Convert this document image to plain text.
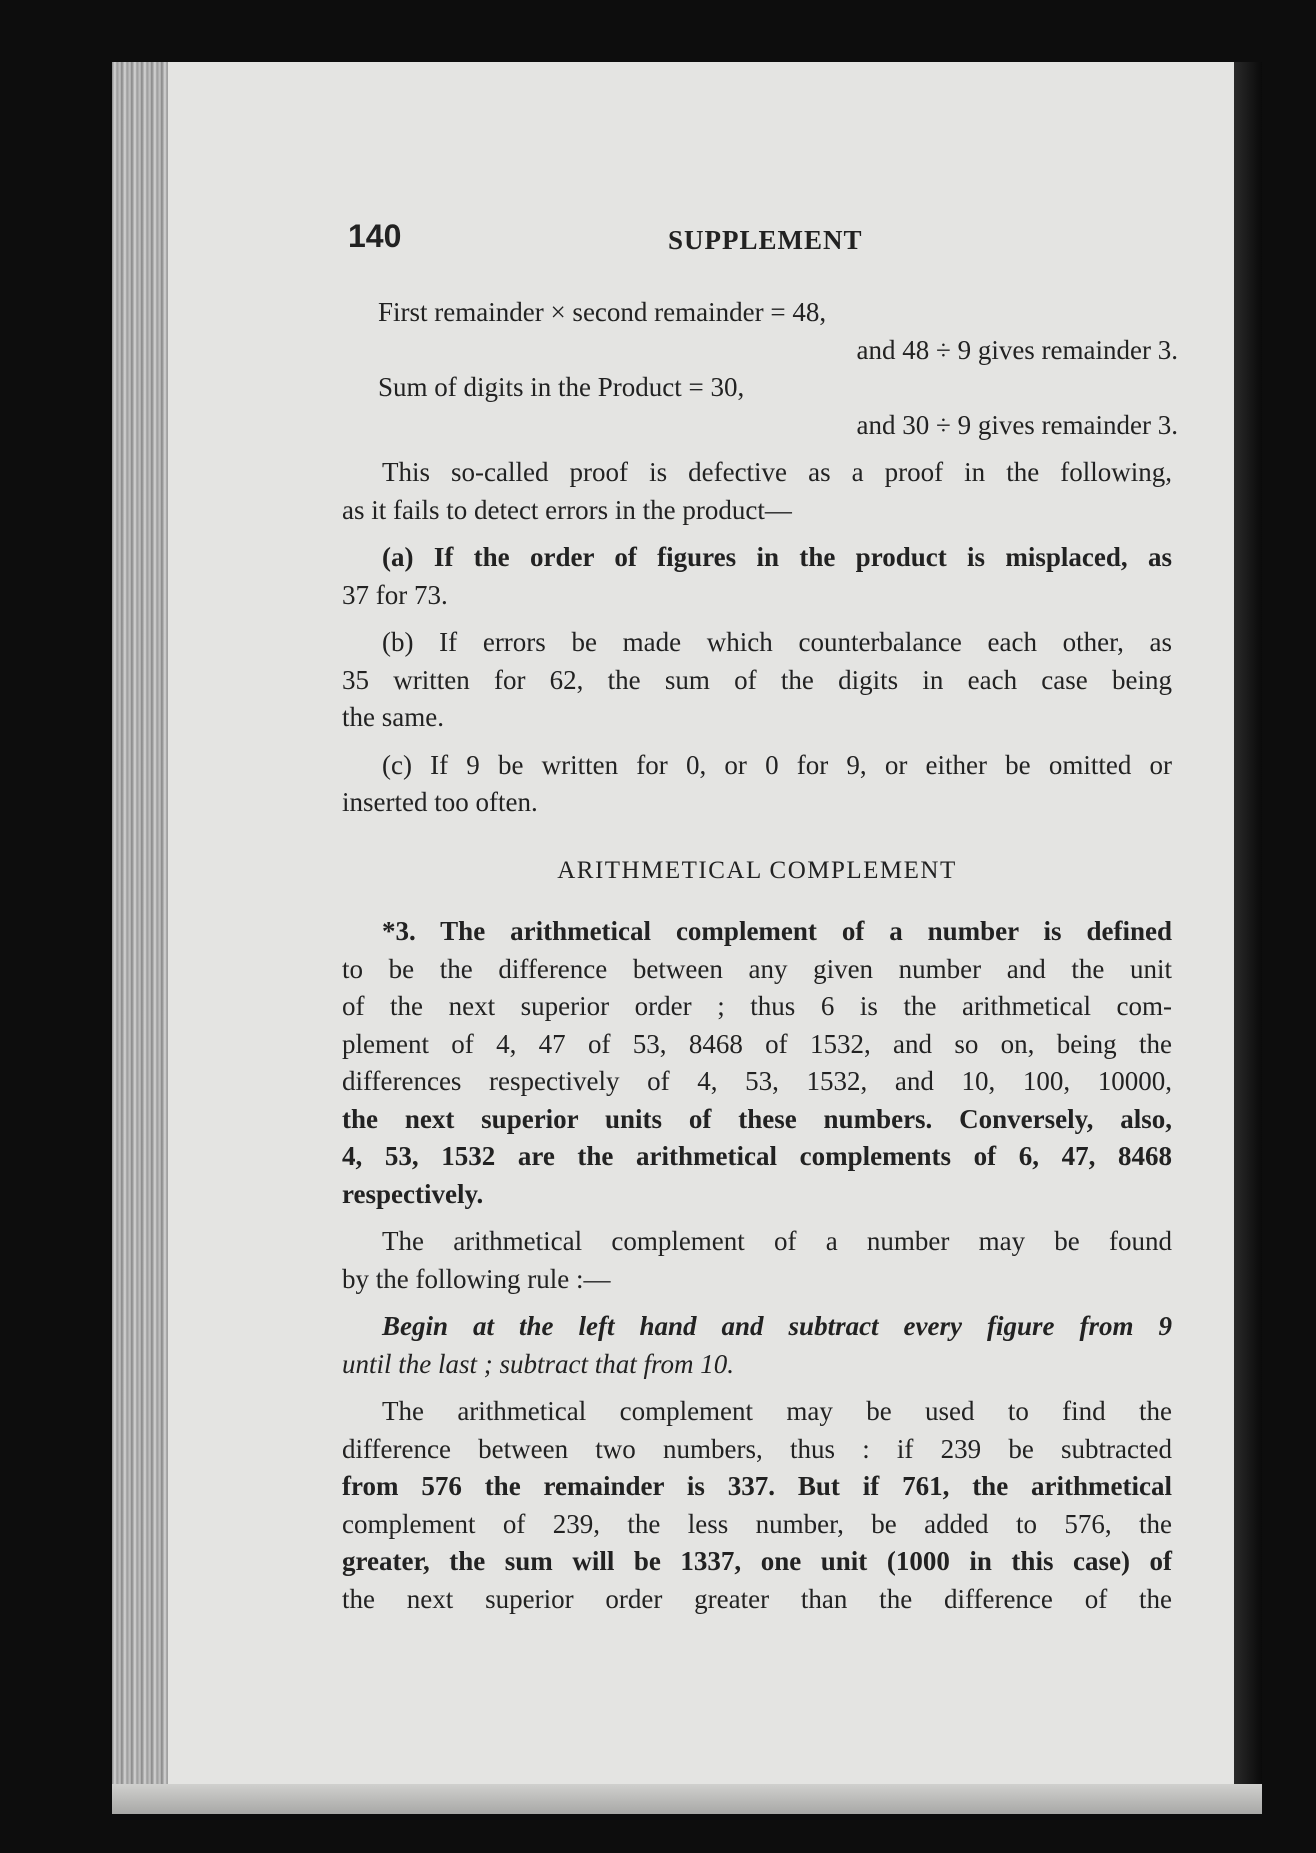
140	SUPPLEMENT
First remainder × second remainder = 48,
and 48 ÷ 9 gives remainder 3.
Sum of digits in the Product = 30,
and 30 ÷ 9 gives remainder 3.
This so-called proof is defective as a proof in the following,
as it fails to detect errors in the product—
(a) If the order of figures in the product is misplaced, as
37 for 73.
(b) If errors be made which counterbalance each other, as
35 written for 62, the sum of the digits in each case being
the same.
(c) If 9 be written for 0, or 0 for 9, or either be omitted or
inserted too often.
ARITHMETICAL COMPLEMENT
*3. The arithmetical complement of a number is defined
to be the difference between any given number and the unit
of the next superior order ; thus 6 is the arithmetical com-
plement of 4, 47 of 53, 8468 of 1532, and so on, being the
differences respectively of 4, 53, 1532, and 10, 100, 10000,
the next superior units of these numbers. Conversely, also,
4, 53, 1532 are the arithmetical complements of 6, 47, 8468
respectively.
The arithmetical complement of a number may be found
by the following rule :—
Begin at the left hand and subtract every figure from 9
until the last ; subtract that from 10.
The arithmetical complement may be used to find the
difference between two numbers, thus : if 239 be subtracted
from 576 the remainder is 337. But if 761, the arithmetical
complement of 239, the less number, be added to 576, the
greater, the sum will be 1337, one unit (1000 in this case) of
the next superior order greater than the difference of the
